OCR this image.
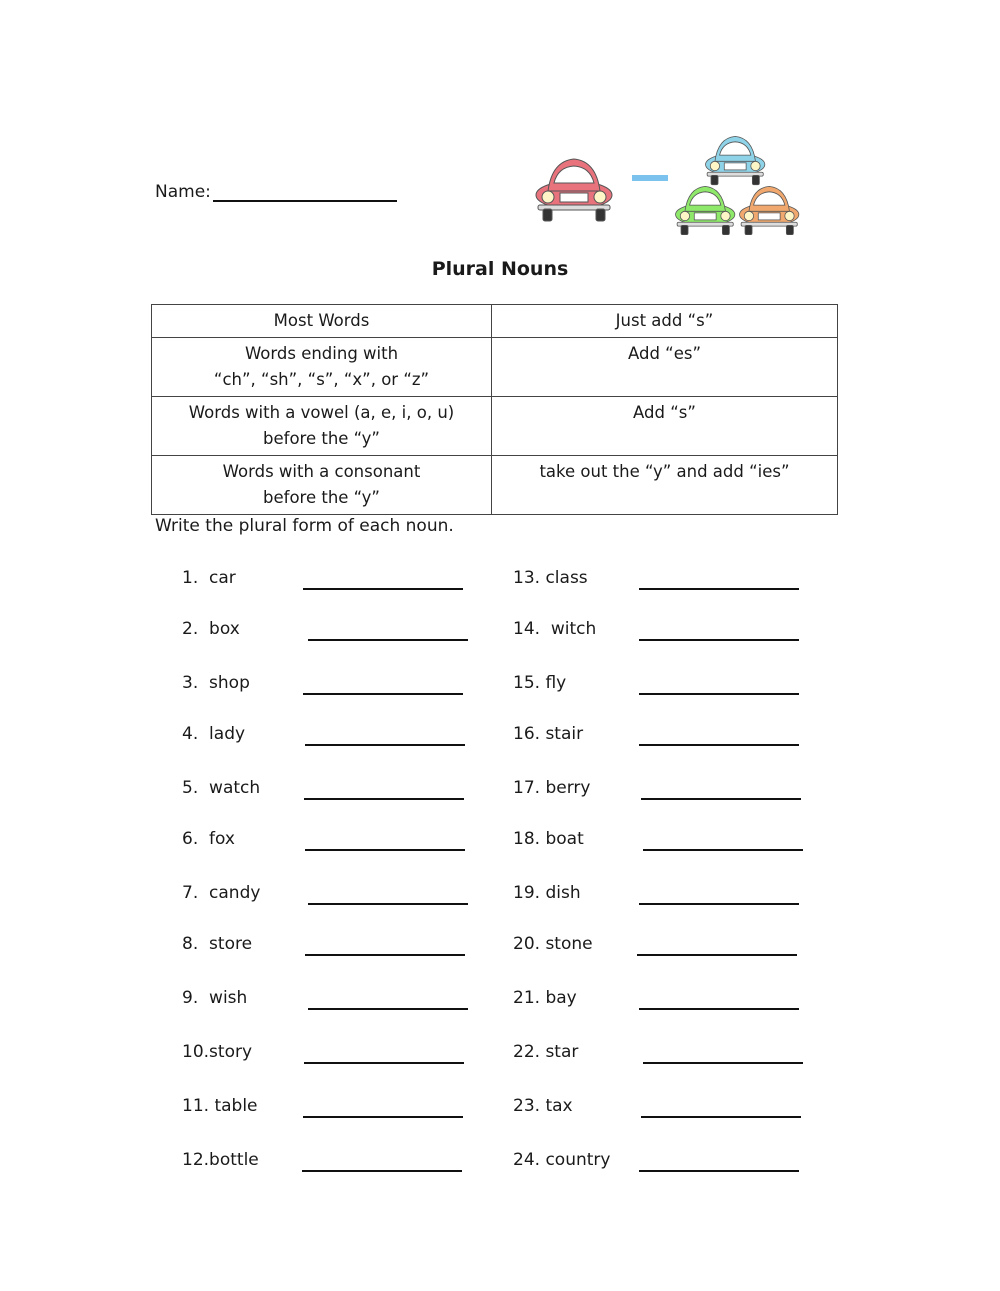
Name:
Plural Nouns
Most Words	Just add “s”
Words ending with
“ch”, “sh”, “s”, “x”, or “z”	Add “es”
Words with a vowel (a, e, i, o, u)
before the “y”	Add “s”
Words with a consonant
before the “y”	take out the “y” and add “ies”
Write the plural form of each noun.
1. car
2. box
3. shop
4. lady
5. watch
6. fox
7. candy
8. store
9. wish
10.story
11. table
12.bottle
13. class
14. witch
15. fly
16. stair
17. berry
18. boat
19. dish
20. stone
21. bay
22. star
23. tax
24. country
